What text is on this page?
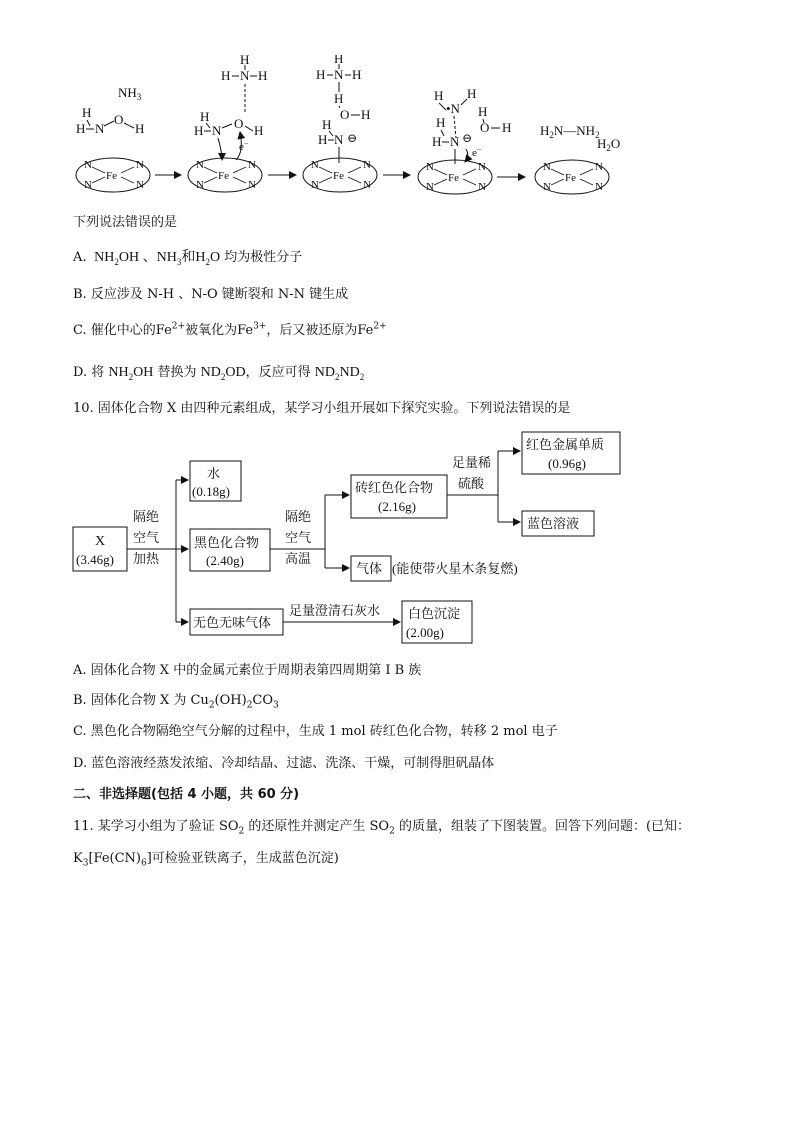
$NH_3$
H
H N
O
H
Fe
N	N
N	N
H N H
H
H
H N O H
e−
Fe
N	N
N	N
H N H
H
H
O H
H
N ⊖
H
Fe
N	N
N	N
H
•N
H
H
H N ⊖
H
O H
e−
Fe
N	N
N	N
$H_2N—NH_2$
$H_2O$
Fe
N	N
N	N
下列说法错误的是
A.  $NH_2OH$ 、$NH_3$和$H_2O$ 均为极性分子
B. 反应涉及 N-H 、N-O 键断裂和 N-N 键生成
C. 催化中心的$Fe^{2+}$被氧化为$Fe^{3+}$，后又被还原为$Fe^{2+}$
D. 将 $NH_2OH$ 替换为 $ND_2OD$，反应可得 $ND_2ND_2$
10. 固体化合物 X 由四种元素组成，某学习小组开展如下探究实验。下列说法错误的是
X
(3.46g)
隔绝
空气
加热
水
(0.18g)
黑色化合物
(2.40g)
隔绝
空气
高温
砖红色化合物
(2.16g)
足量稀
硫酸
红色金属单质
(0.96g)
蓝色溶液
气体 (能使带火星木条复燃)
无色无味气体
足量澄清石灰水 白色沉淀
(2.00g)
A. 固体化合物 X 中的金属元素位于周期表第四周期第 I B 族
B. 固体化合物 X 为 $Cu_2(OH)_2CO_3$
C. 黑色化合物隔绝空气分解的过程中，生成 1 mol 砖红色化合物，转移 2 mol 电子
D. 蓝色溶液经蒸发浓缩、冷却结晶、过滤、洗涤、干燥，可制得胆矾晶体
二、非选择题(包括 4 小题，共 60 分)
11. 某学习小组为了验证 $SO_2$ 的还原性并测定产生 $SO_2$ 的质量，组装了下图装置。回答下列问题：(已知：
$K_3[Fe(CN)_6]$可检验亚铁离子，生成蓝色沉淀)
